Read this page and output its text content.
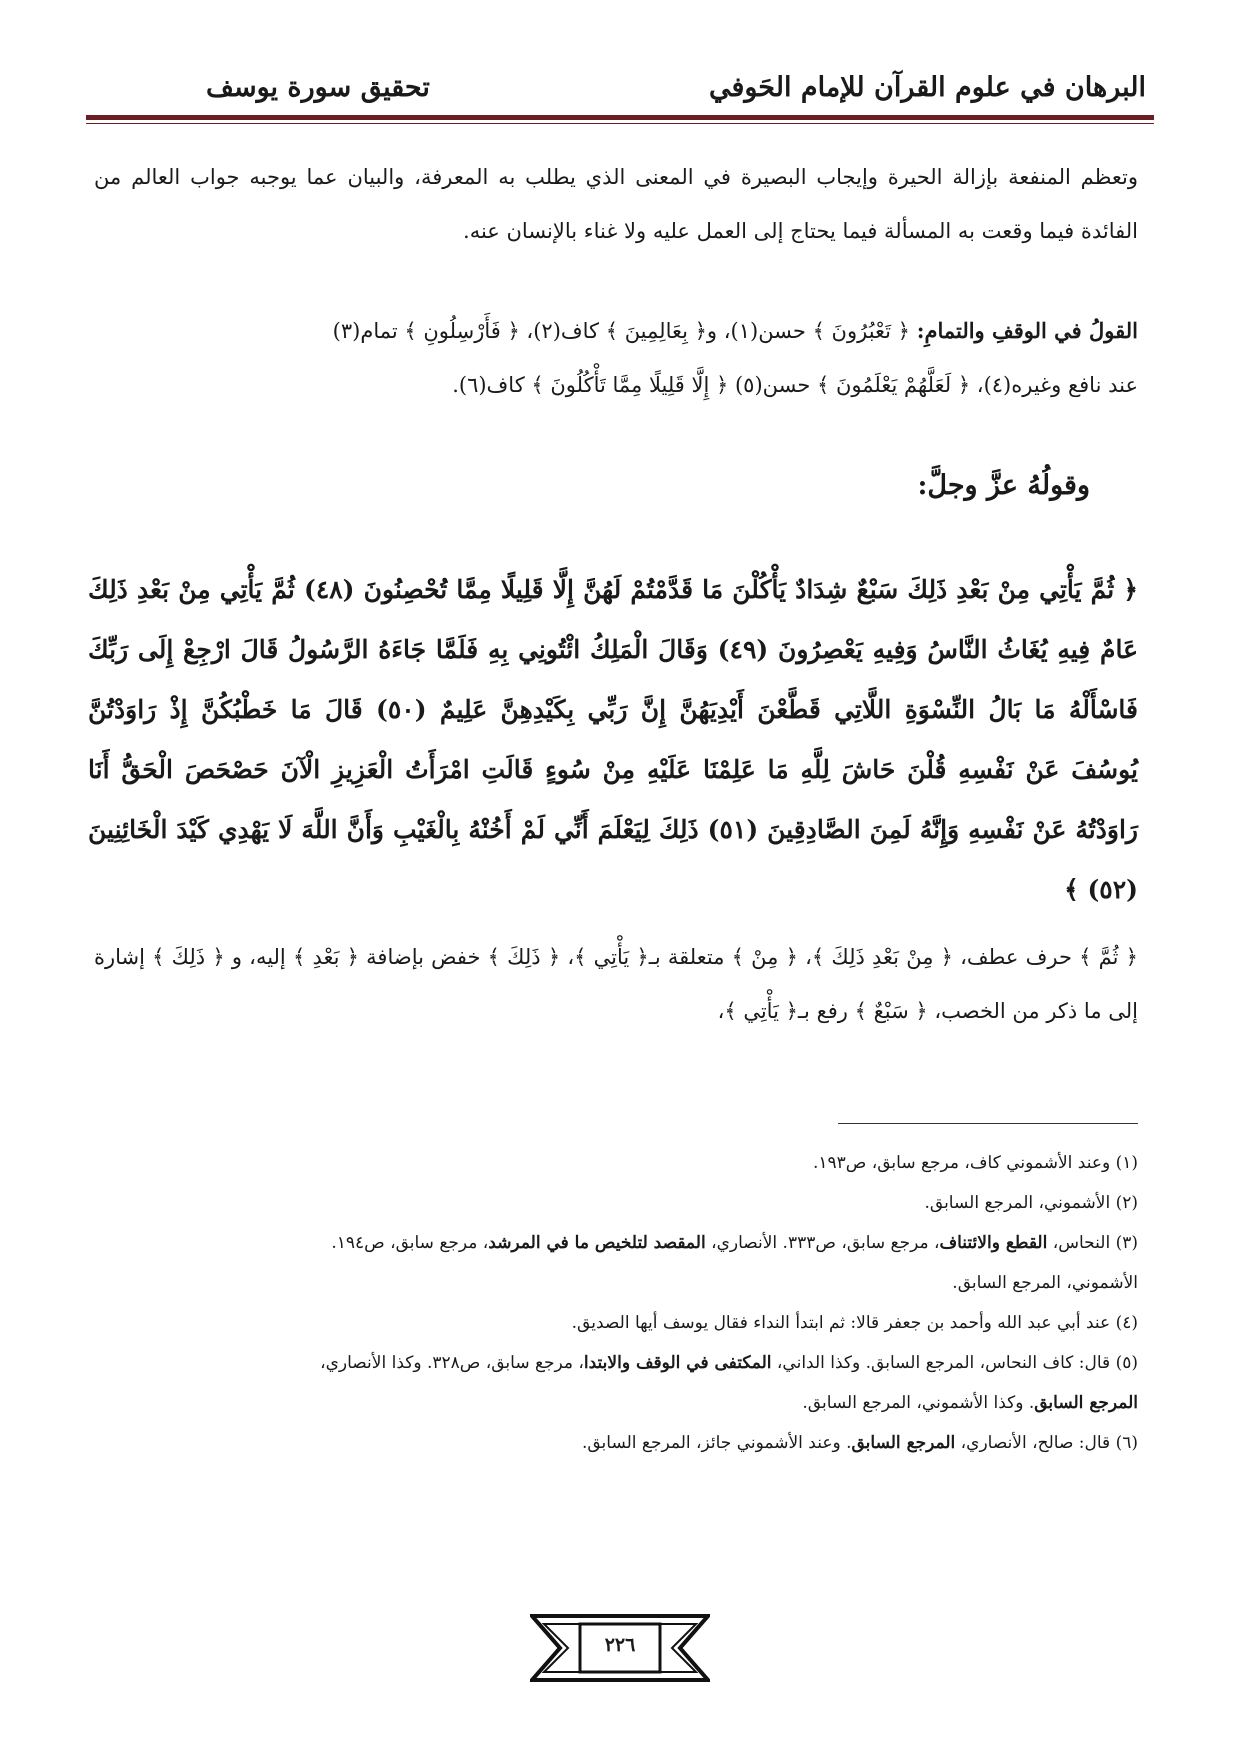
البرهان في علوم القرآن للإمام الحَوفي
تحقيق سورة يوسف
وتعظم المنفعة بإزالة الحيرة وإيجاب البصيرة في المعنى الذي يطلب به المعرفة، والبيان عما يوجبه جواب العالم من الفائدة فيما وقعت به المسألة فيما يحتاج إلى العمل عليه ولا غناء بالإنسان عنه.
القولُ في الوقفِ والتمامِ: ﴿ تَعْبُرُونَ ﴾ حسن(١)، و﴿ بِعَالِمِينَ ﴾ كاف(٢)، ﴿ فَأَرْسِلُونِ ﴾ تمام(٣)
عند نافع وغيره(٤)، ﴿ لَعَلَّهُمْ يَعْلَمُونَ ﴾ حسن(٥) ﴿ إِلَّا قَلِيلًا مِمَّا تَأْكُلُونَ ﴾ كاف(٦).
وقولُهُ عزَّ وجلَّ:
﴿ ثُمَّ يَأْتِي مِنْ بَعْدِ ذَلِكَ سَبْعٌ شِدَادٌ يَأْكُلْنَ مَا قَدَّمْتُمْ لَهُنَّ إِلَّا قَلِيلًا مِمَّا تُحْصِنُونَ (٤٨) ثُمَّ يَأْتِي مِنْ بَعْدِ ذَلِكَ عَامٌ فِيهِ يُغَاثُ النَّاسُ وَفِيهِ يَعْصِرُونَ (٤٩) وَقَالَ الْمَلِكُ ائْتُونِي بِهِ فَلَمَّا جَاءَهُ الرَّسُولُ قَالَ ارْجِعْ إِلَى رَبِّكَ فَاسْأَلْهُ مَا بَالُ النِّسْوَةِ اللَّاتِي قَطَّعْنَ أَيْدِيَهُنَّ إِنَّ رَبِّي بِكَيْدِهِنَّ عَلِيمٌ (٥٠) قَالَ مَا خَطْبُكُنَّ إِذْ رَاوَدْتُنَّ يُوسُفَ عَنْ نَفْسِهِ قُلْنَ حَاشَ لِلَّهِ مَا عَلِمْنَا عَلَيْهِ مِنْ سُوءٍ قَالَتِ امْرَأَتُ الْعَزِيزِ الْآنَ حَصْحَصَ الْحَقُّ أَنَا رَاوَدْتُهُ عَنْ نَفْسِهِ وَإِنَّهُ لَمِنَ الصَّادِقِينَ (٥١) ذَلِكَ لِيَعْلَمَ أَنِّي لَمْ أَخُنْهُ بِالْغَيْبِ وَأَنَّ اللَّهَ لَا يَهْدِي كَيْدَ الْخَائِنِينَ (٥٢) ﴾
﴿ ثُمَّ ﴾ حرف عطف، ﴿ مِنْ بَعْدِ ذَلِكَ ﴾، ﴿ مِنْ ﴾ متعلقة بـ﴿ يَأْتِي ﴾، ﴿ ذَلِكَ ﴾ خفض بإضافة ﴿ بَعْدِ ﴾ إليه، و ﴿ ذَلِكَ ﴾ إشارة إلى ما ذكر من الخصب، ﴿ سَبْعٌ ﴾ رفع بـ﴿ يَأْتِي ﴾،

(١) وعند الأشموني كاف، مرجع سابق، ص١٩٣.

(٢) الأشموني، المرجع السابق.

(٣) النحاس، القطع والائتناف، مرجع سابق، ص٣٣٣. الأنصاري، المقصد لتلخيص ما في المرشد، مرجع سابق، ص١٩٤.

الأشموني، المرجع السابق.

(٤) عند أبي عبد الله وأحمد بن جعفر قالا: ثم ابتدأ النداء فقال يوسف أيها الصديق.

(٥) قال: كاف النحاس، المرجع السابق. وكذا الداني، المكتفى في الوقف والابتدا، مرجع سابق، ص٣٢٨. وكذا الأنصاري،

المرجع السابق. وكذا الأشموني، المرجع السابق.

(٦) قال: صالح، الأنصاري، المرجع السابق. وعند الأشموني جائز، المرجع السابق.

٢٢٦
